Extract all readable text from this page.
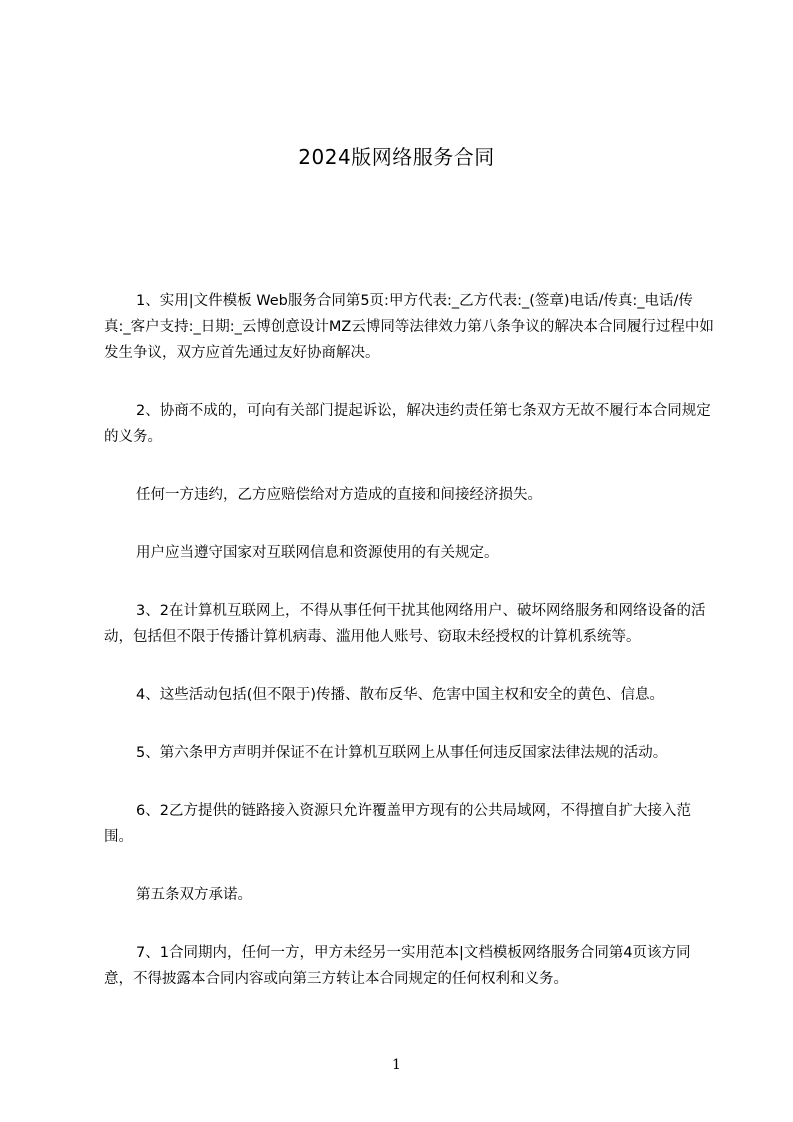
2024版网络服务合同

1、实用|文件模板 Web服务合同第5页:甲方代表:_乙方代表:_(签章)电话/传真:_电话/传真:_客户支持:_日期:_云博创意设计MZ云博同等法律效力第八条争议的解决本合同履行过程中如发生争议，双方应首先通过友好协商解决。

2、协商不成的，可向有关部门提起诉讼，解决违约责任第七条双方无故不履行本合同规定的义务。

任何一方违约，乙方应赔偿给对方造成的直接和间接经济损失。

用户应当遵守国家对互联网信息和资源使用的有关规定。

3、2在计算机互联网上，不得从事任何干扰其他网络用户、破坏网络服务和网络设备的活动，包括但不限于传播计算机病毒、滥用他人账号、窃取未经授权的计算机系统等。

4、这些活动包括(但不限于)传播、散布反华、危害中国主权和安全的黄色、信息。

5、第六条甲方声明并保证不在计算机互联网上从事任何违反国家法律法规的活动。

6、2乙方提供的链路接入资源只允许覆盖甲方现有的公共局域网，不得擅自扩大接入范围。

第五条双方承诺。

7、1合同期内，任何一方，甲方未经另一实用范本|文档模板网络服务合同第4页该方同意，不得披露本合同内容或向第三方转让本合同规定的任何权利和义务。

1
